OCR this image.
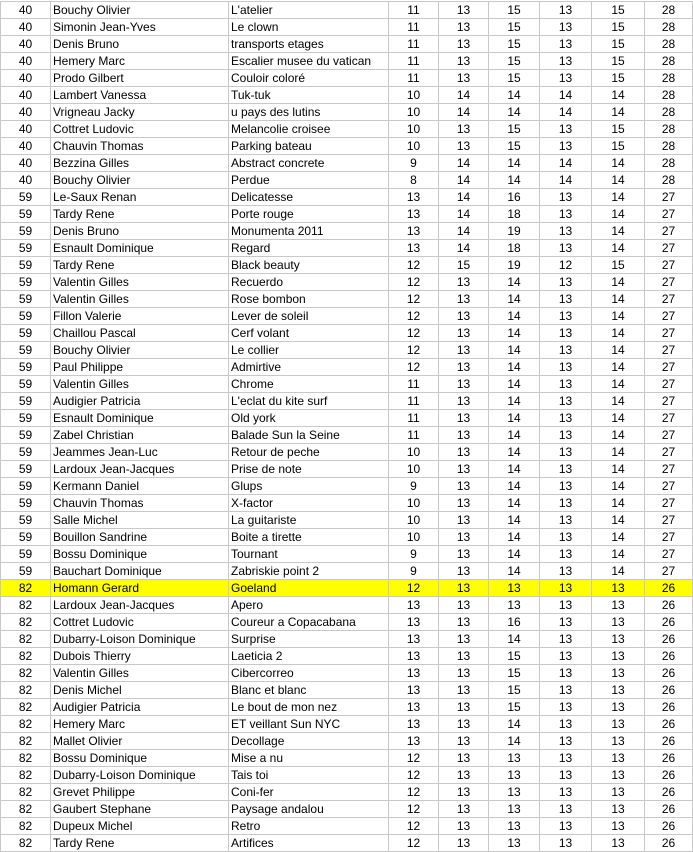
40	Bouchy Olivier	L'atelier	11	13	15	13	15	28
40	Simonin Jean-Yves	Le clown	11	13	15	13	15	28
40	Denis Bruno	transports etages	11	13	15	13	15	28
40	Hemery Marc	Escalier musee du vatican	11	13	15	13	15	28
40	Prodo Gilbert	Couloir coloré	11	13	15	13	15	28
40	Lambert Vanessa	Tuk-tuk	10	14	14	14	14	28
40	Vrigneau Jacky	u pays des lutins	10	14	14	14	14	28
40	Cottret Ludovic	Melancolie croisee	10	13	15	13	15	28
40	Chauvin Thomas	Parking bateau	10	13	15	13	15	28
40	Bezzina Gilles	Abstract concrete	9	14	14	14	14	28
40	Bouchy Olivier	Perdue	8	14	14	14	14	28
59	Le-Saux Renan	Delicatesse	13	14	16	13	14	27
59	Tardy Rene	Porte rouge	13	14	18	13	14	27
59	Denis Bruno	Monumenta 2011	13	14	19	13	14	27
59	Esnault Dominique	Regard	13	14	18	13	14	27
59	Tardy Rene	Black beauty	12	15	19	12	15	27
59	Valentin Gilles	Recuerdo	12	13	14	13	14	27
59	Valentin Gilles	Rose bombon	12	13	14	13	14	27
59	Fillon Valerie	Lever de soleil	12	13	14	13	14	27
59	Chaillou Pascal	Cerf volant	12	13	14	13	14	27
59	Bouchy Olivier	Le collier	12	13	14	13	14	27
59	Paul Philippe	Admirtive	12	13	14	13	14	27
59	Valentin Gilles	Chrome	11	13	14	13	14	27
59	Audigier Patricia	L'eclat du kite surf	11	13	14	13	14	27
59	Esnault Dominique	Old york	11	13	14	13	14	27
59	Zabel Christian	Balade Sun la Seine	11	13	14	13	14	27
59	Jeammes Jean-Luc	Retour de peche	10	13	14	13	14	27
59	Lardoux Jean-Jacques	Prise de note	10	13	14	13	14	27
59	Kermann Daniel	Glups	9	13	14	13	14	27
59	Chauvin Thomas	X-factor	10	13	14	13	14	27
59	Salle Michel	La guitariste	10	13	14	13	14	27
59	Bouillon Sandrine	Boite a tirette	10	13	14	13	14	27
59	Bossu Dominique	Tournant	9	13	14	13	14	27
59	Bauchart Dominique	Zabriskie point 2	9	13	14	13	14	27
82	Homann Gerard	Goeland	12	13	13	13	13	26
82	Lardoux Jean-Jacques	Apero	13	13	13	13	13	26
82	Cottret Ludovic	Coureur a Copacabana	13	13	16	13	13	26
82	Dubarry-Loison Dominique	Surprise	13	13	14	13	13	26
82	Dubois Thierry	Laeticia 2	13	13	15	13	13	26
82	Valentin Gilles	Cibercorreo	13	13	15	13	13	26
82	Denis Michel	Blanc et blanc	13	13	15	13	13	26
82	Audigier Patricia	Le bout de mon nez	13	13	15	13	13	26
82	Hemery Marc	ET veillant Sun NYC	13	13	14	13	13	26
82	Mallet Olivier	Decollage	13	13	14	13	13	26
82	Bossu Dominique	Mise a nu	12	13	13	13	13	26
82	Dubarry-Loison Dominique	Tais toi	12	13	13	13	13	26
82	Grevet Philippe	Coni-fer	12	13	13	13	13	26
82	Gaubert Stephane	Paysage andalou	12	13	13	13	13	26
82	Dupeux Michel	Retro	12	13	13	13	13	26
82	Tardy Rene	Artifices	12	13	13	13	13	26
